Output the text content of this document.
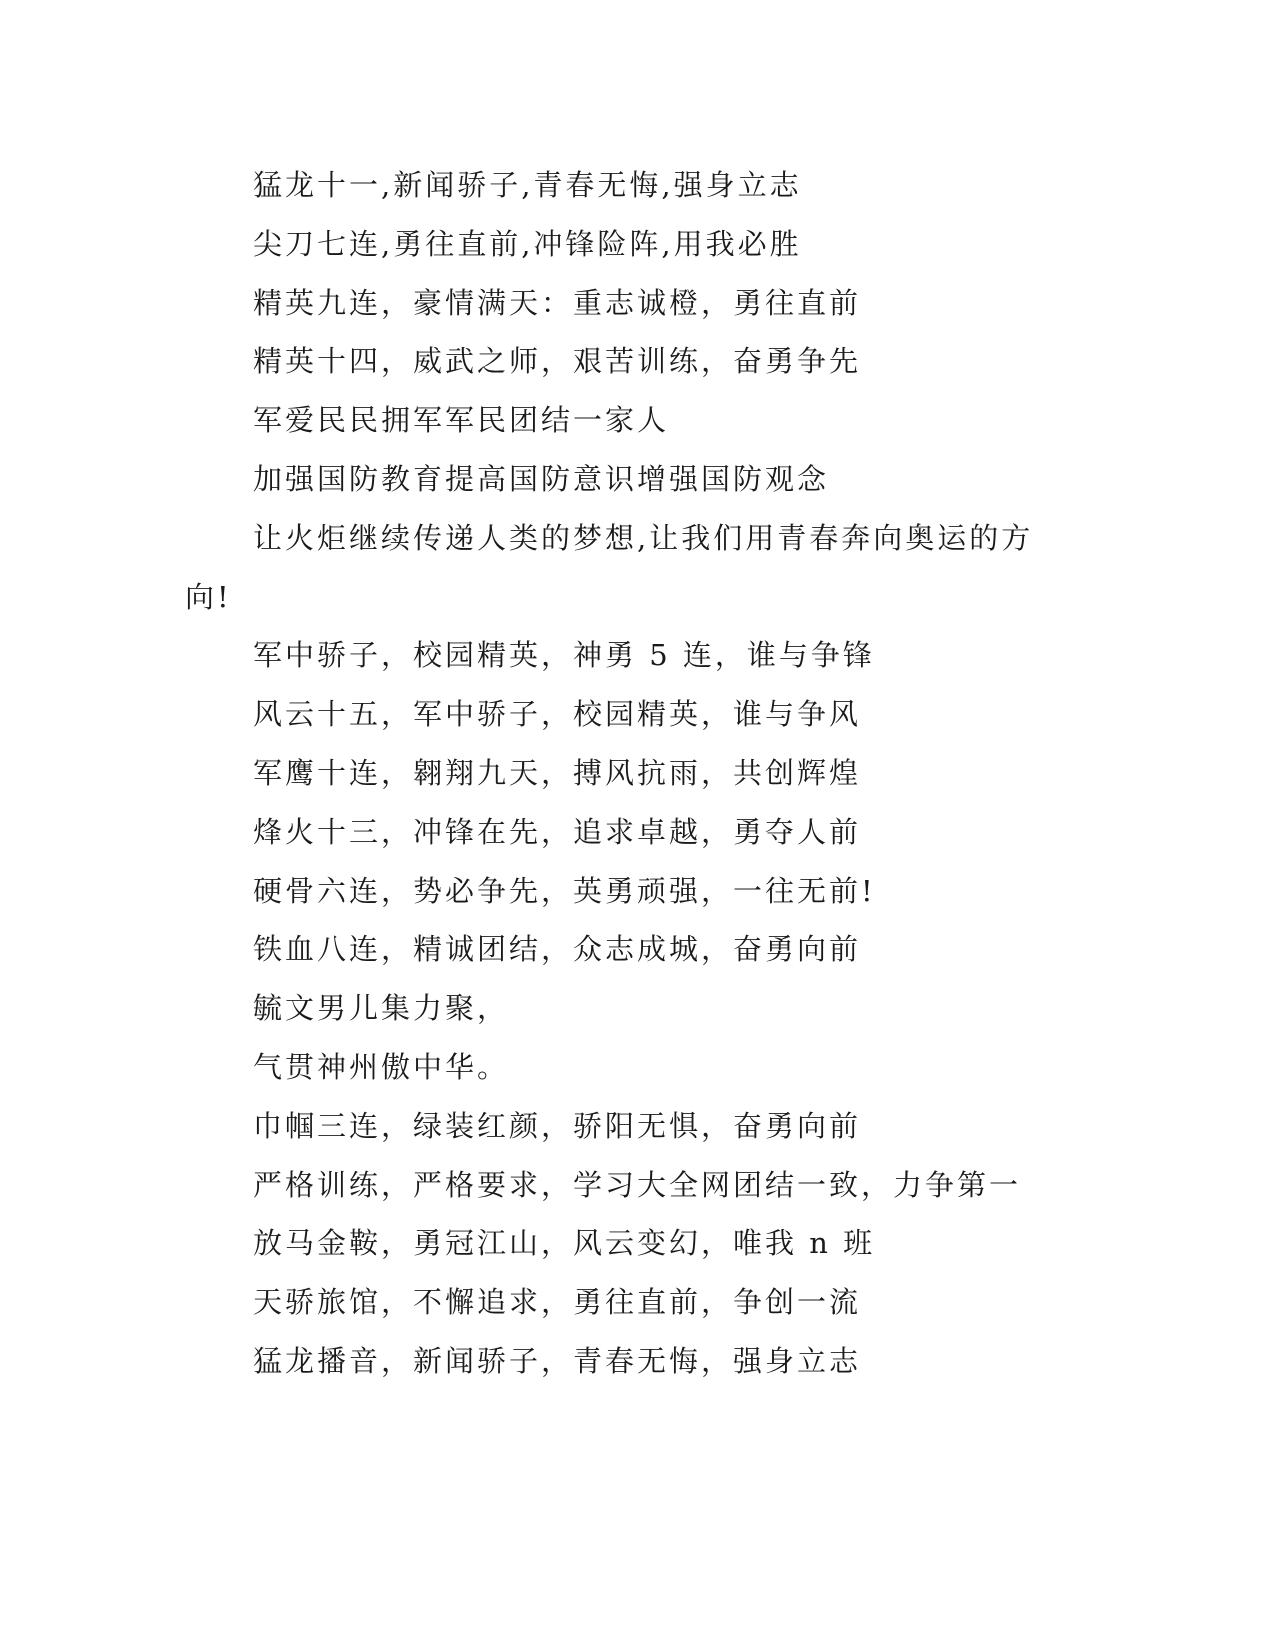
猛龙十一,新闻骄子,青春无悔,强身立志
尖刀七连,勇往直前,冲锋险阵,用我必胜
精英九连，豪情满天：重志诚橙，勇往直前
精英十四，威武之师，艰苦训练，奋勇争先
军爱民民拥军军民团结一家人
加强国防教育提高国防意识增强国防观念
让火炬继续传递人类的梦想,让我们用青春奔向奥运的方
向!
军中骄子，校园精英，神勇 5 连，谁与争锋
风云十五，军中骄子，校园精英，谁与争风
军鹰十连，翱翔九天，搏风抗雨，共创辉煌
烽火十三，冲锋在先，追求卓越，勇夺人前
硬骨六连，势必争先，英勇顽强，一往无前!
铁血八连，精诚团结，众志成城，奋勇向前
毓文男儿集力聚，
气贯神州傲中华。
巾帼三连，绿装红颜，骄阳无惧，奋勇向前
严格训练，严格要求，学习大全网团结一致，力争第一
放马金鞍，勇冠江山，风云变幻，唯我 n 班
天骄旅馆，不懈追求，勇往直前，争创一流
猛龙播音，新闻骄子，青春无悔，强身立志
